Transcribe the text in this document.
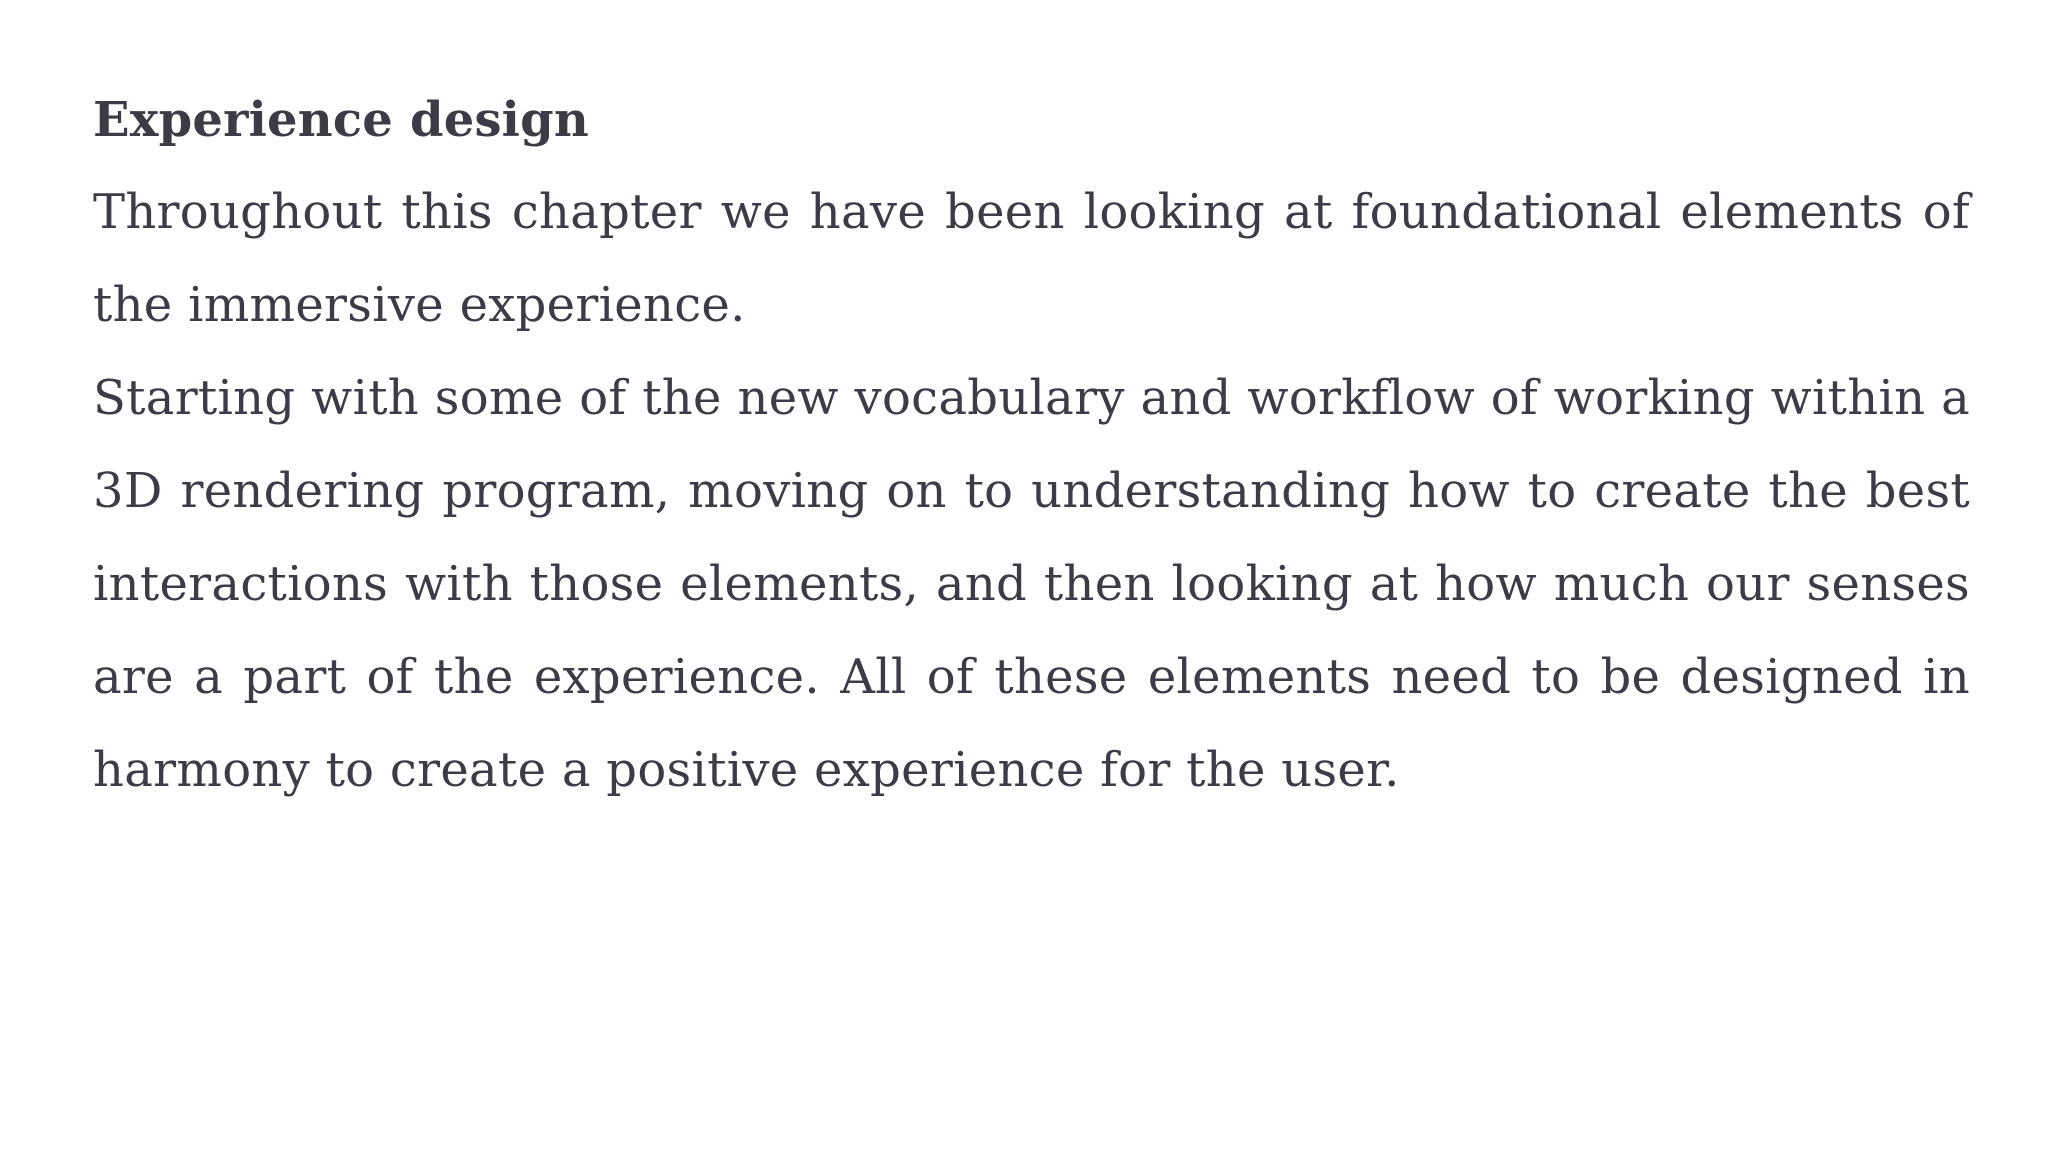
Experience design

Throughout this chapter we have been looking at foundational elements of the immersive experience.

Starting with some of the new vocabulary and workflow of working within a 3D rendering program, moving on to understanding how to create the best interactions with those elements, and then looking at how much our senses are a part of the experience. All of these elements need to be designed in harmony to create a positive experience for the user.
